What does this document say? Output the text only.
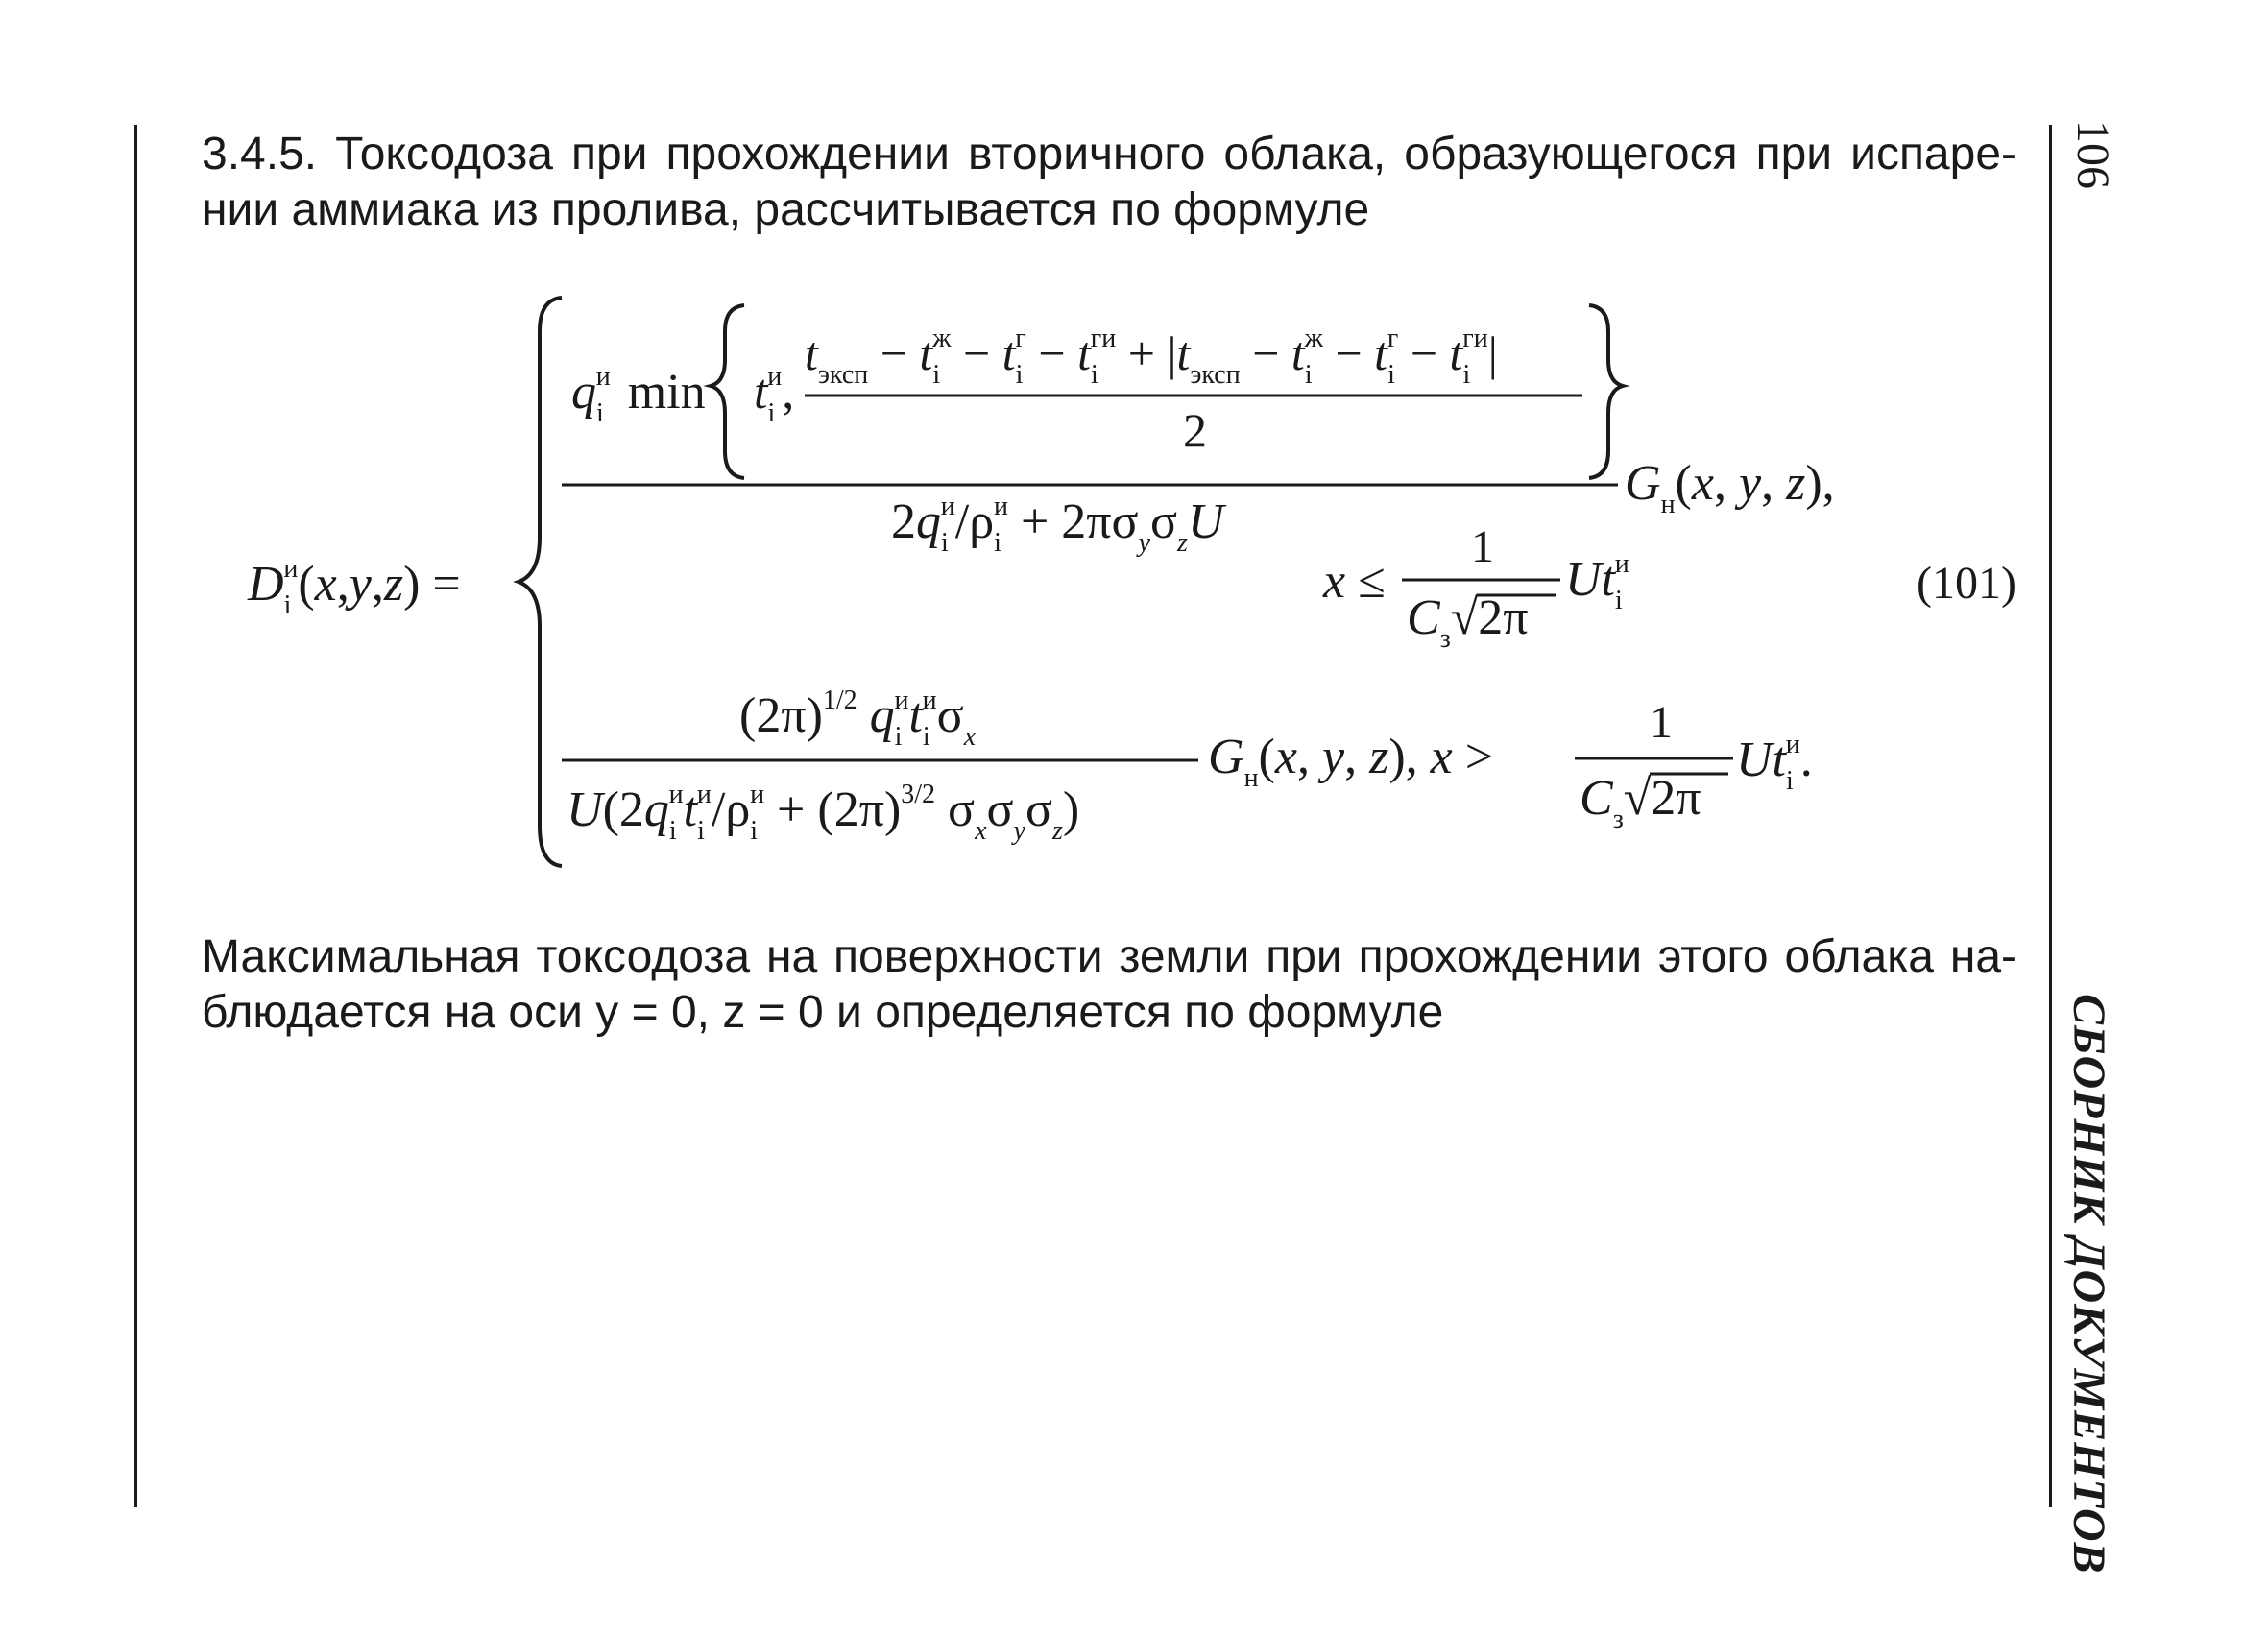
106
СБОРНИК ДОКУМЕНТОВ
3.4.5. Токсодоза при прохождении вторичного облака, образующегося при испаре-
нии аммиака из пролива, рассчитывается по формуле
$D_iи(x,y,z)$ =
$q_iи$ $\min t_iи$,
$t_{эксп} - t_iж - t_iг - t_iги + |t_{эксп} - t_iж - t_iг - t_iги|$
2
$2q_iи/\rho_iи + 2\pi\sigma_y\sigma_zU$
$G_н(x$, y, z),
x ≤
1
$C_з√2\pi$
$Ut_iи$	(101)
$(2\pi)^{1/2}$ $q_iиt_iи\sigma_x$
$U(2q_iиt_iи/\rho_iи + (2\pi)^{3/2}$ $\sigma_x\sigma_y\sigma_z$)
$G_н(x$, y, z), x >
1
$C_з√2\pi$
$Ut_iи$.
Максимальная токсодоза на поверхности земли при прохождении этого облака на-
блюдается на оси y = 0, z = 0 и определяется по формуле
